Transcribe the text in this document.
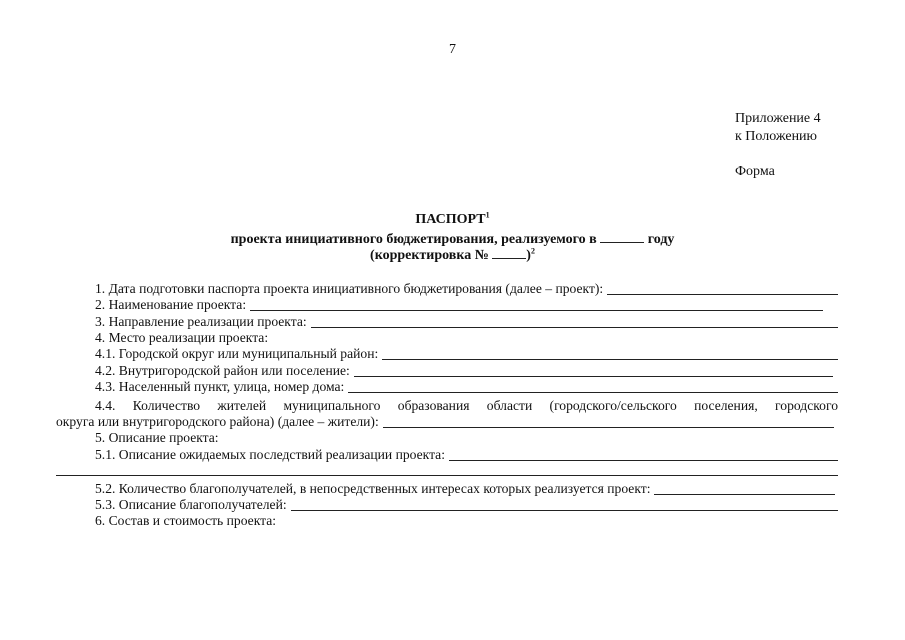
7
Приложение 4
к Положению
Форма
ПАСПОРТ$^1$
проекта инициативного бюджетирования, реализуемого в	году
(корректировка № )$^2$
1. Дата подготовки паспорта проекта инициативного бюджетирования (далее – проект):
2. Наименование проекта:
3. Направление реализации проекта:
4. Место реализации проекта:
4.1. Городской округ или муниципальный район:
4.2. Внутригородской район или поселение:
4.3. Населенный пункт, улица, номер дома:
4.4. Количество жителей муниципального образования области (городского/сельского поселения, городского
округа или внутригородского района) (далее – жители):
5. Описание проекта:
5.1. Описание ожидаемых последствий реализации проекта:
5.2. Количество благополучателей, в непосредственных интересах которых реализуется проект:
5.3. Описание благополучателей:
6. Состав и стоимость проекта:
